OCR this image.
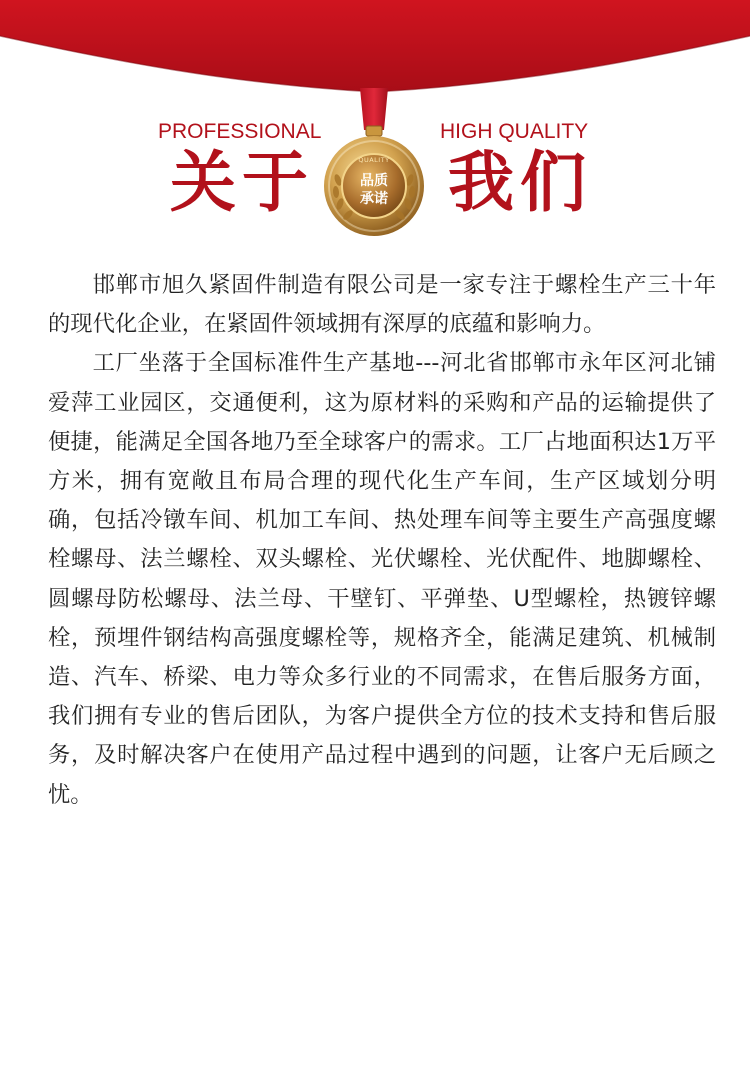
PROFESSIONAL	HIGH QUALITY

关于 我们
QUALITY
品质
承诺

邯郸市旭久紧固件制造有限公司是一家专注于螺栓生产三十年的现代化企业，在紧固件领域拥有深厚的底蕴和影响力。

工厂坐落于全国标准件生产基地---河北省邯郸市永年区河北铺爱萍工业园区，交通便利，这为原材料的采购和产品的运输提供了便捷，能满足全国各地乃至全球客户的需求。工厂占地面积达1万平方米，拥有宽敞且布局合理的现代化生产车间，生产区域划分明确，包括冷镦车间、机加工车间、热处理车间等主要生产高强度螺栓螺母、法兰螺栓、双头螺栓、光伏螺栓、光伏配件、地脚螺栓、圆螺母防松螺母、法兰母、干壁钉、平弹垫、U型螺栓，热镀锌螺栓，预埋件钢结构高强度螺栓等，规格齐全，能满足建筑、机械制造、汽车、桥梁、电力等众多行业的不同需求，在售后服务方面，我们拥有专业的售后团队，为客户提供全方位的技术支持和售后服务，及时解决客户在使用产品过程中遇到的问题，让客户无后顾之忧。
